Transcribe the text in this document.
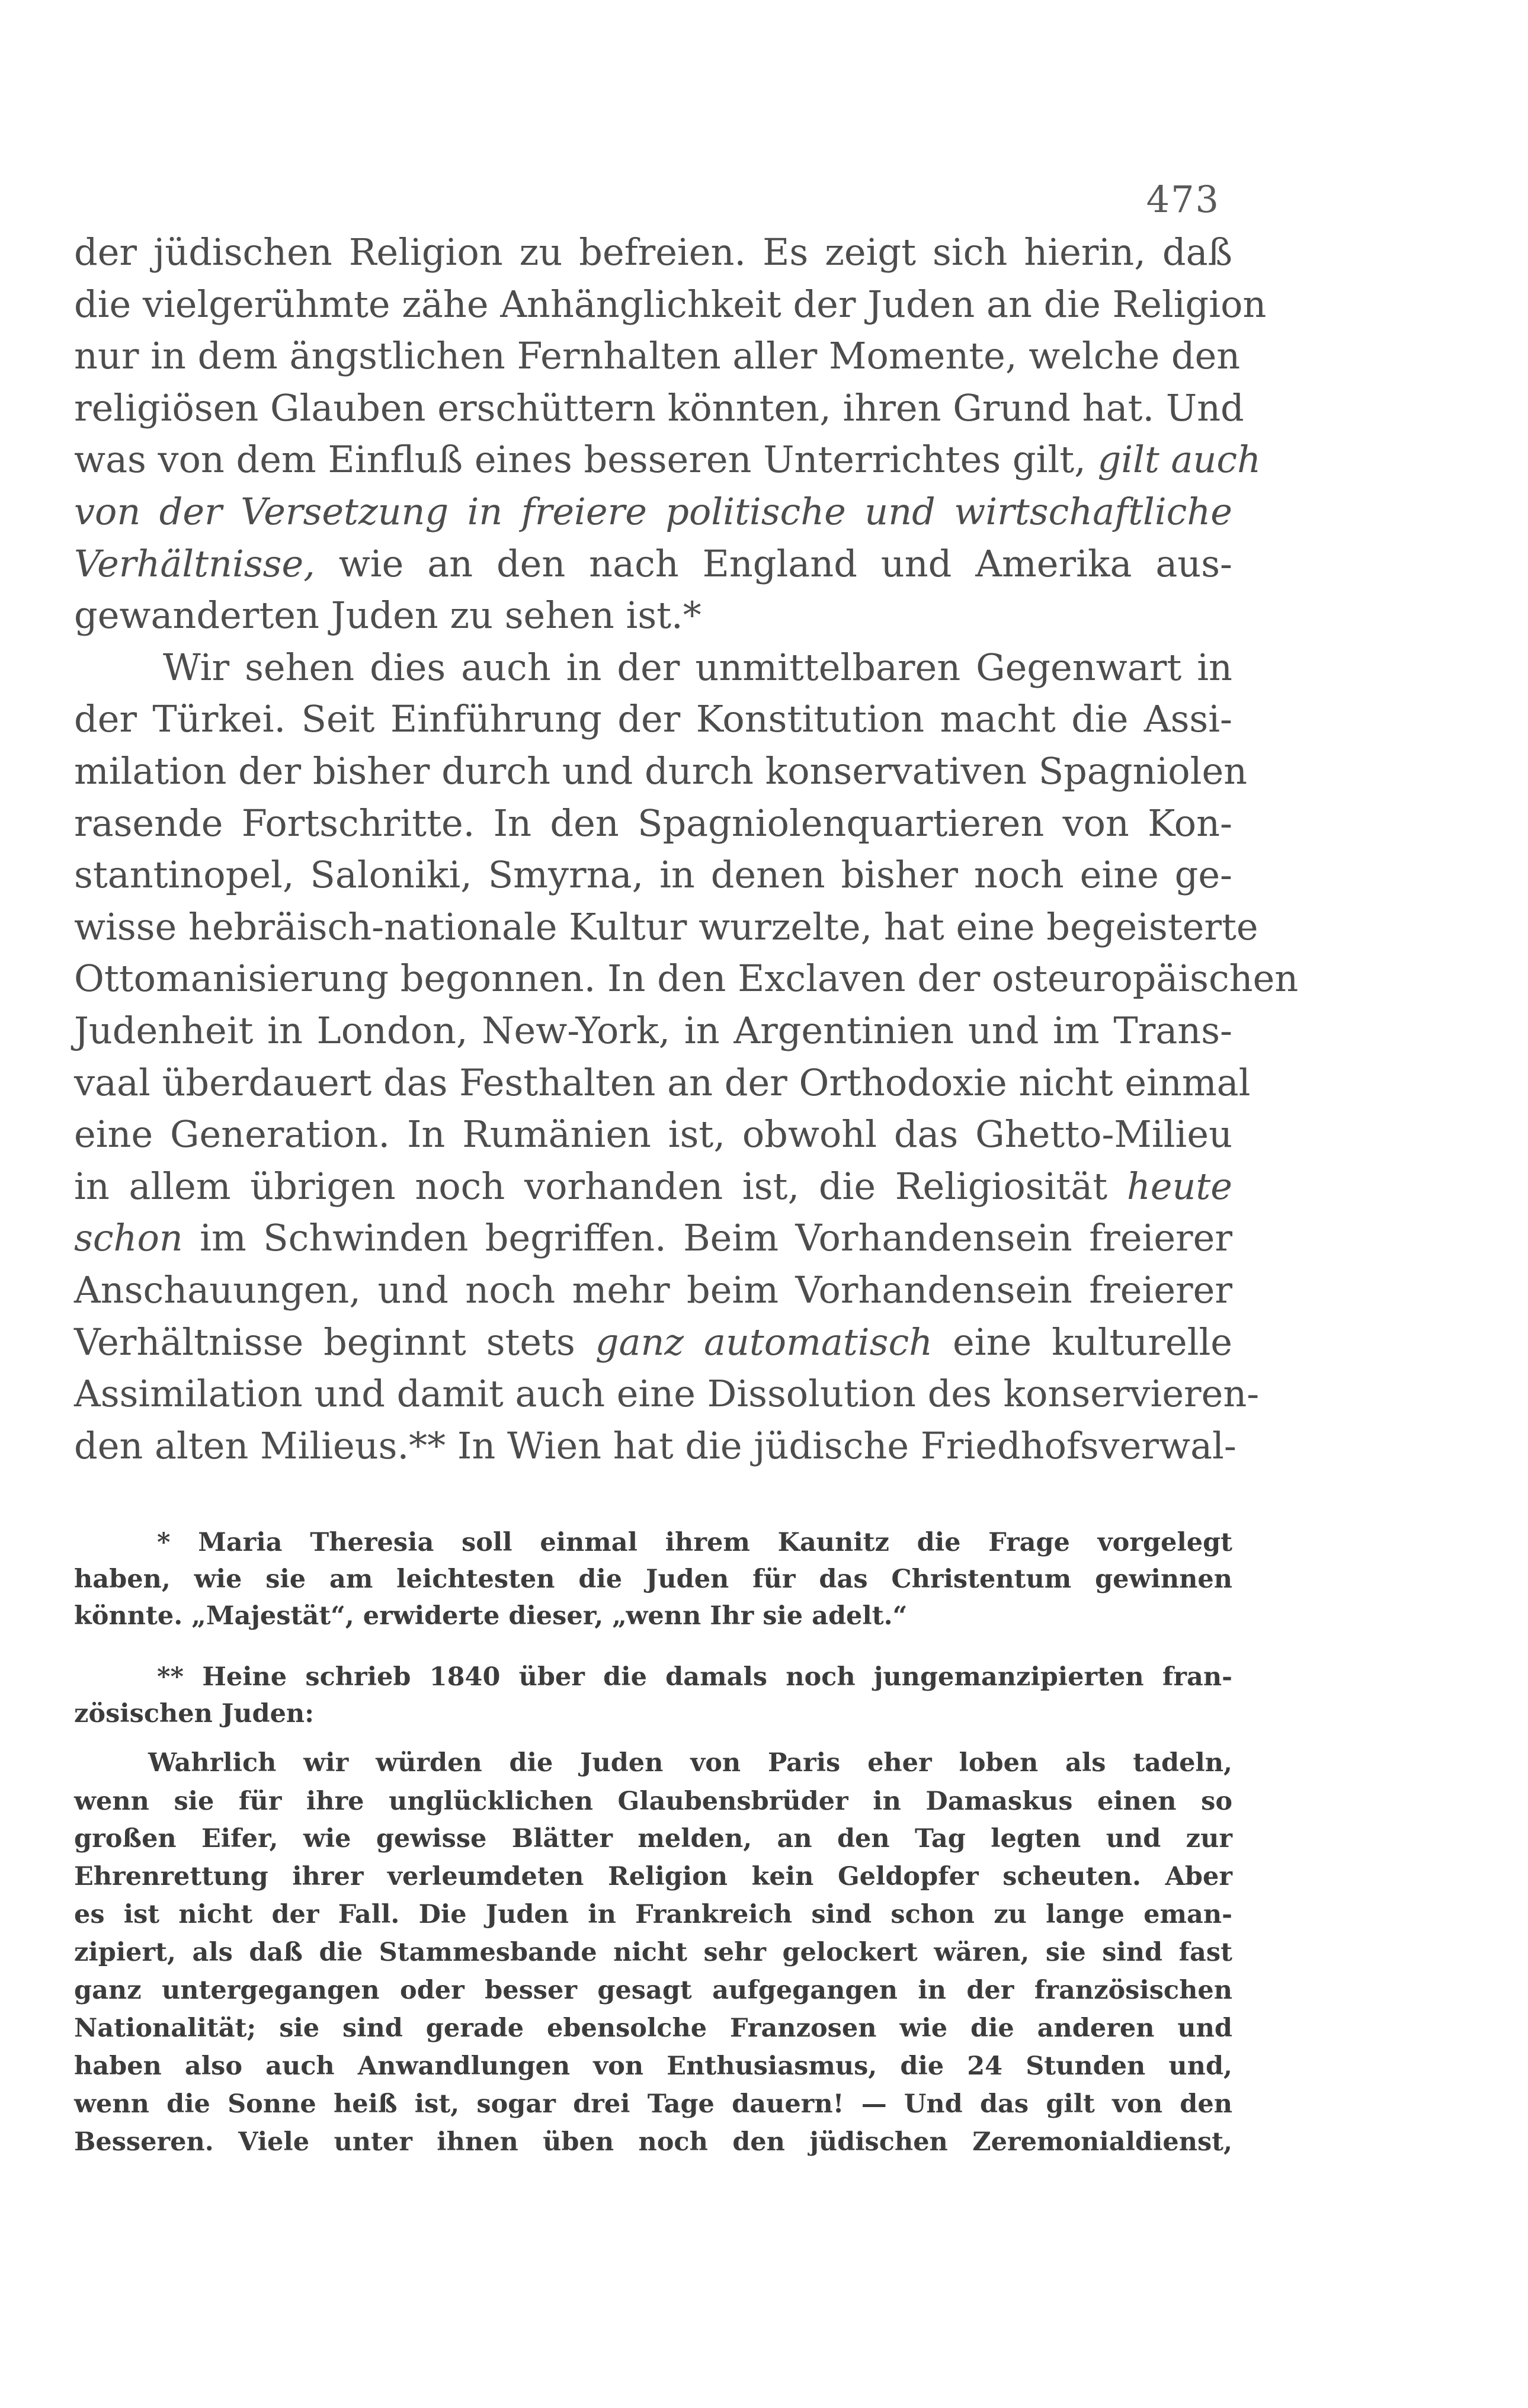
473
der jüdischen Religion zu befreien. Es zeigt sich hierin, daß
die vielgerühmte zähe Anhänglichkeit der Juden an die Religion
nur in dem ängstlichen Fernhalten aller Momente, welche den
religiösen Glauben erschüttern könnten, ihren Grund hat. Und
was von dem Einfluß eines besseren Unterrichtes gilt, gilt auch
von der Versetzung in freiere politische und wirtschaftliche
Verhältnisse, wie an den nach England und Amerika aus-
gewanderten Juden zu sehen ist.*
Wir sehen dies auch in der unmittelbaren Gegenwart in
der Türkei. Seit Einführung der Konstitution macht die Assi-
milation der bisher durch und durch konservativen Spagniolen
rasende Fortschritte. In den Spagniolenquartieren von Kon-
stantinopel, Saloniki, Smyrna, in denen bisher noch eine ge-
wisse hebräisch-nationale Kultur wurzelte, hat eine begeisterte
Ottomanisierung begonnen. In den Exclaven der osteuropäischen
Judenheit in London, New-York, in Argentinien und im Trans-
vaal überdauert das Festhalten an der Orthodoxie nicht einmal
eine Generation. In Rumänien ist, obwohl das Ghetto-Milieu
in allem übrigen noch vorhanden ist, die Religiosität heute
schon im Schwinden begriffen. Beim Vorhandensein freierer
Anschauungen, und noch mehr beim Vorhandensein freierer
Verhältnisse beginnt stets ganz automatisch eine kulturelle
Assimilation und damit auch eine Dissolution des konservieren-
den alten Milieus.** In Wien hat die jüdische Friedhofsverwal-
* Maria Theresia soll einmal ihrem Kaunitz die Frage vorgelegt
haben, wie sie am leichtesten die Juden für das Christentum gewinnen
könnte. „Majestät“, erwiderte dieser, „wenn Ihr sie adelt.“
** Heine schrieb 1840 über die damals noch jungemanzipierten fran-
zösischen Juden:
Wahrlich wir würden die Juden von Paris eher loben als tadeln,
wenn sie für ihre unglücklichen Glaubensbrüder in Damaskus einen so
großen Eifer, wie gewisse Blätter melden, an den Tag legten und zur
Ehrenrettung ihrer verleumdeten Religion kein Geldopfer scheuten. Aber
es ist nicht der Fall. Die Juden in Frankreich sind schon zu lange eman-
zipiert, als daß die Stammesbande nicht sehr gelockert wären, sie sind fast
ganz untergegangen oder besser gesagt aufgegangen in der französischen
Nationalität; sie sind gerade ebensolche Franzosen wie die anderen und
haben also auch Anwandlungen von Enthusiasmus, die 24 Stunden und,
wenn die Sonne heiß ist, sogar drei Tage dauern! — Und das gilt von den
Besseren. Viele unter ihnen üben noch den jüdischen Zeremonialdienst,
